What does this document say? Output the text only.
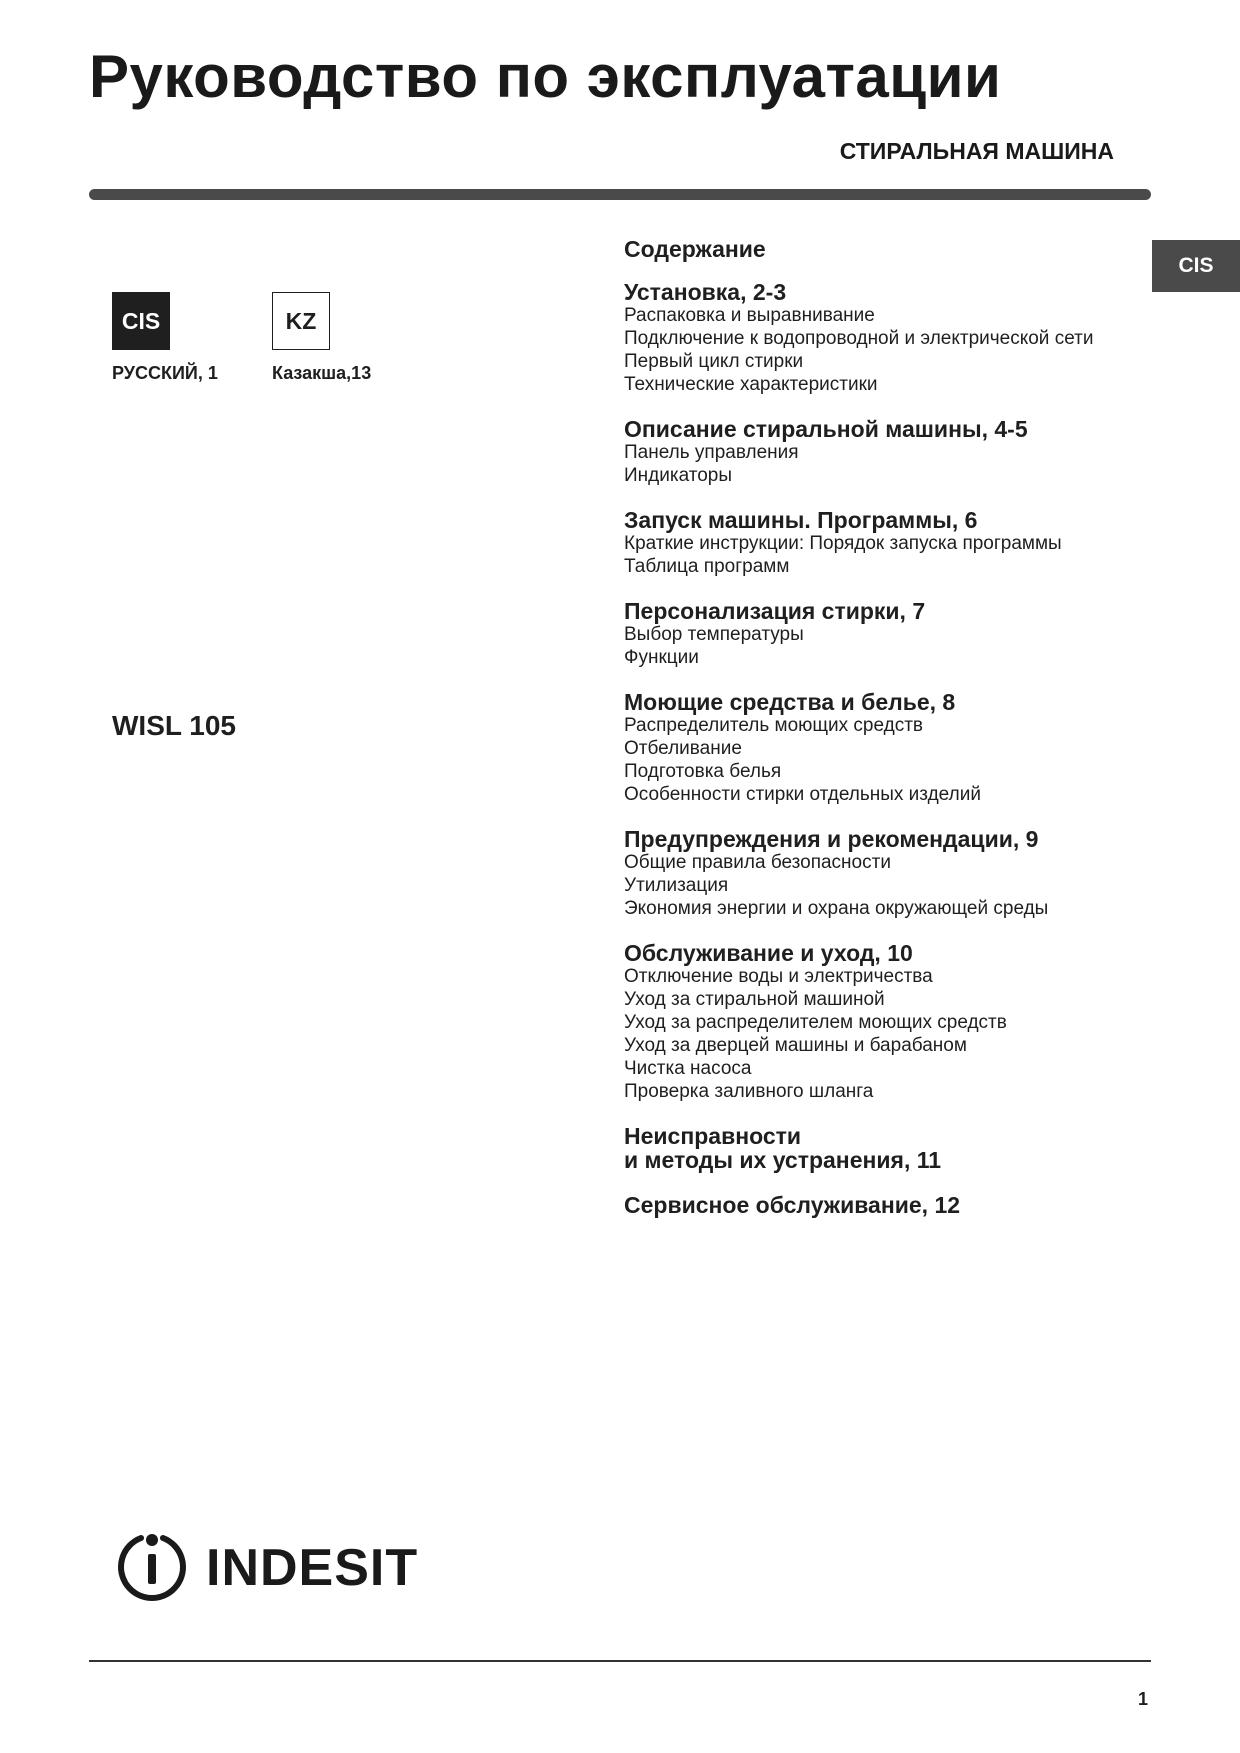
Руководство по эксплуатации
СТИРАЛЬНАЯ МАШИНА
CIS
CIS
РУССКИЙ, 1
KZ
Казакша,13
WISL 105
Содержание
Установка, 2-3
Распаковка и выравнивание
Подключение к водопроводной и электрической сети
Первый цикл стирки
Технические характеристики
Описание стиральной машины, 4-5
Панель управления
Индикаторы
Запуск машины. Программы, 6
Краткие инструкции: Порядок запуска программы
Таблица программ
Персонализация стирки, 7
Выбор температуры
Функции
Моющие средства и белье, 8
Распределитель моющих средств
Отбеливание
Подготовка белья
Особенности стирки отдельных изделий
Предупреждения и рекомендации, 9
Общие правила безопасности
Утилизация
Экономия энергии и охрана окружающей среды
Обслуживание и уход, 10
Отключение воды и электричества
Уход за стиральной машиной
Уход за распределителем моющих средств
Уход за дверцей машины и барабаном
Чистка насоса
Проверка заливного шланга
Неисправности
и методы их устранения, 11
Сервисное обслуживание, 12
INDESIT
1
